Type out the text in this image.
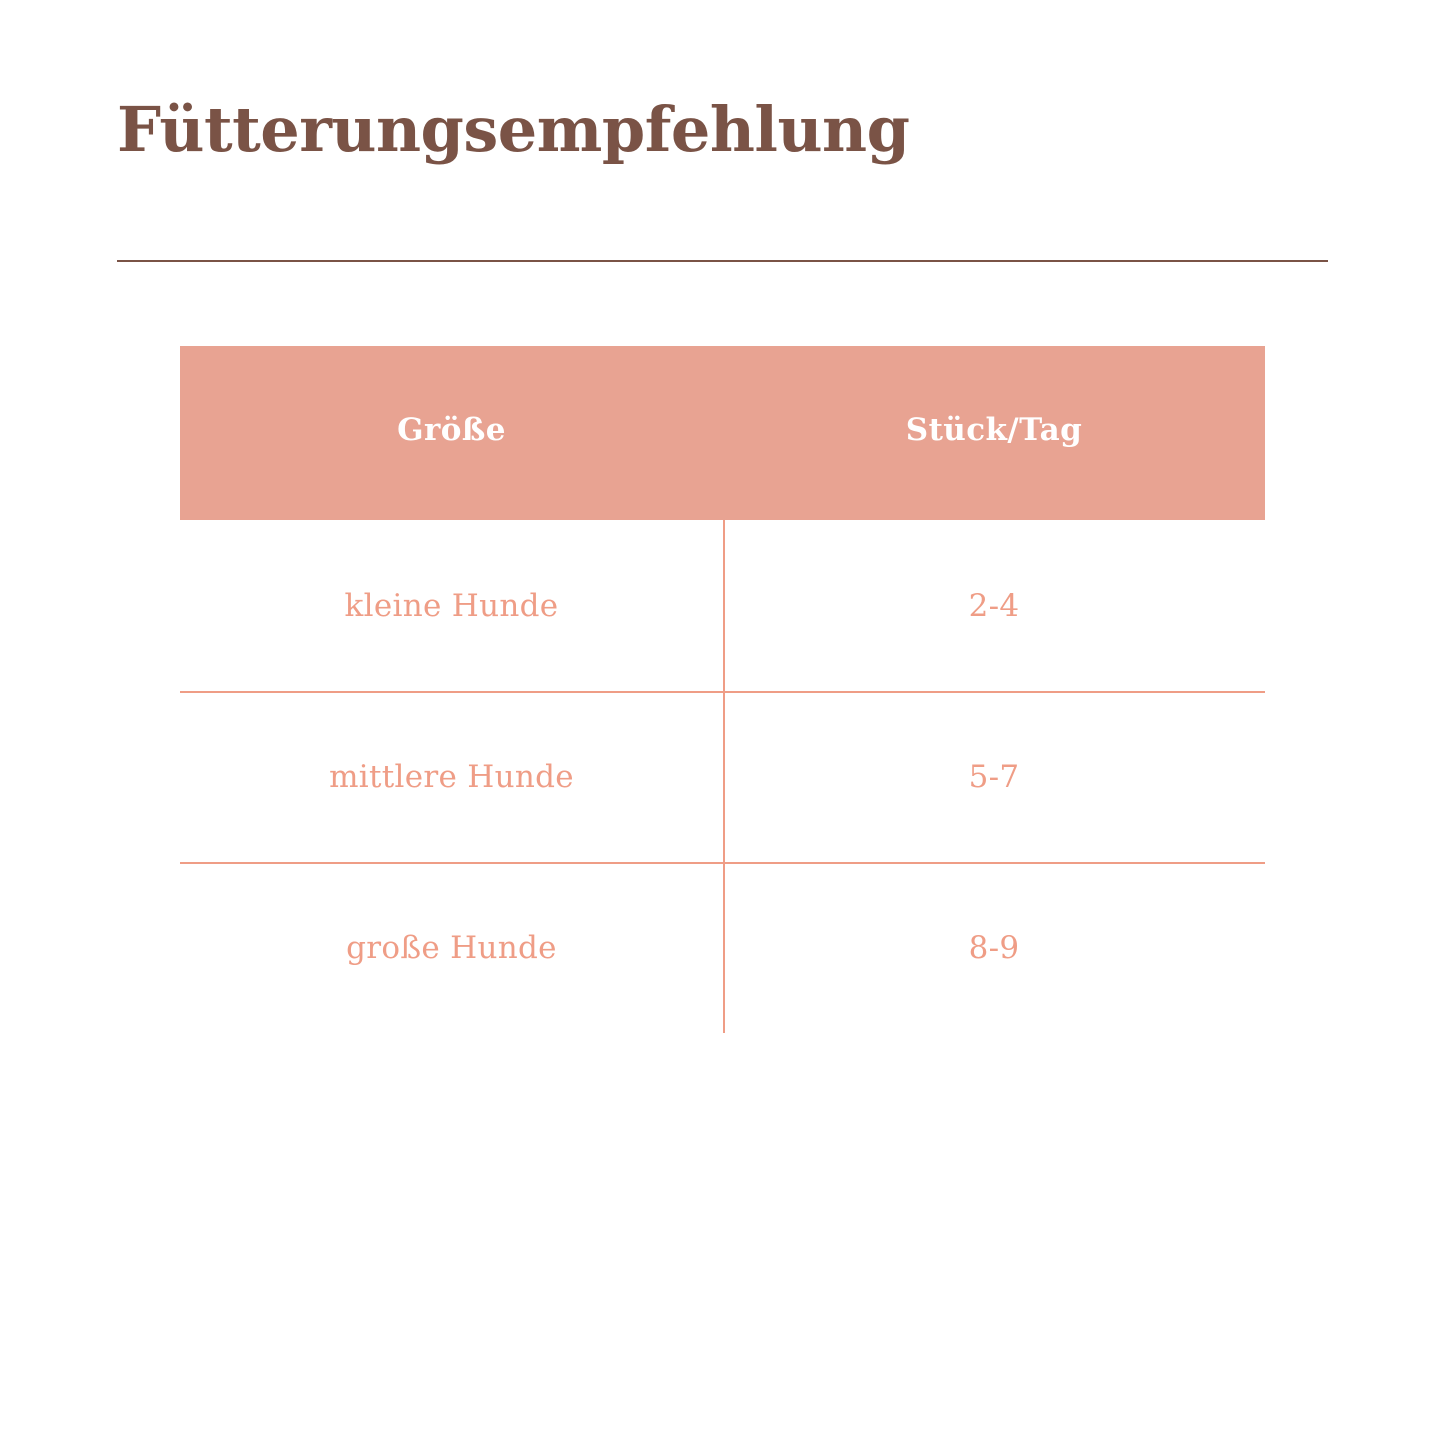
Fütterungsempfehlung
Größe	Stück/Tag
kleine Hunde	2-4
mittlere Hunde	5-7
große Hunde	8-9
